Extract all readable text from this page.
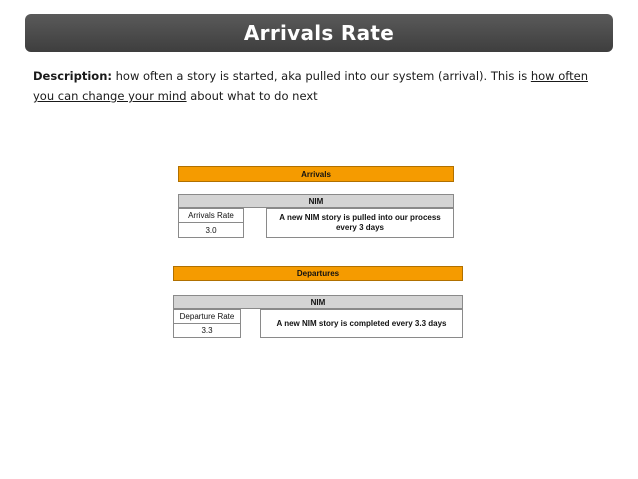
Arrivals Rate
Description: how often a story is started, aka pulled into our system (arrival). This is how often you can change your mind about what to do next
Arrivals
NIM
Arrivals Rate
3.0
A new NIM story is pulled into our process every 3 days
Departures
NIM
Departure Rate
3.3
A new NIM story is completed every 3.3 days
